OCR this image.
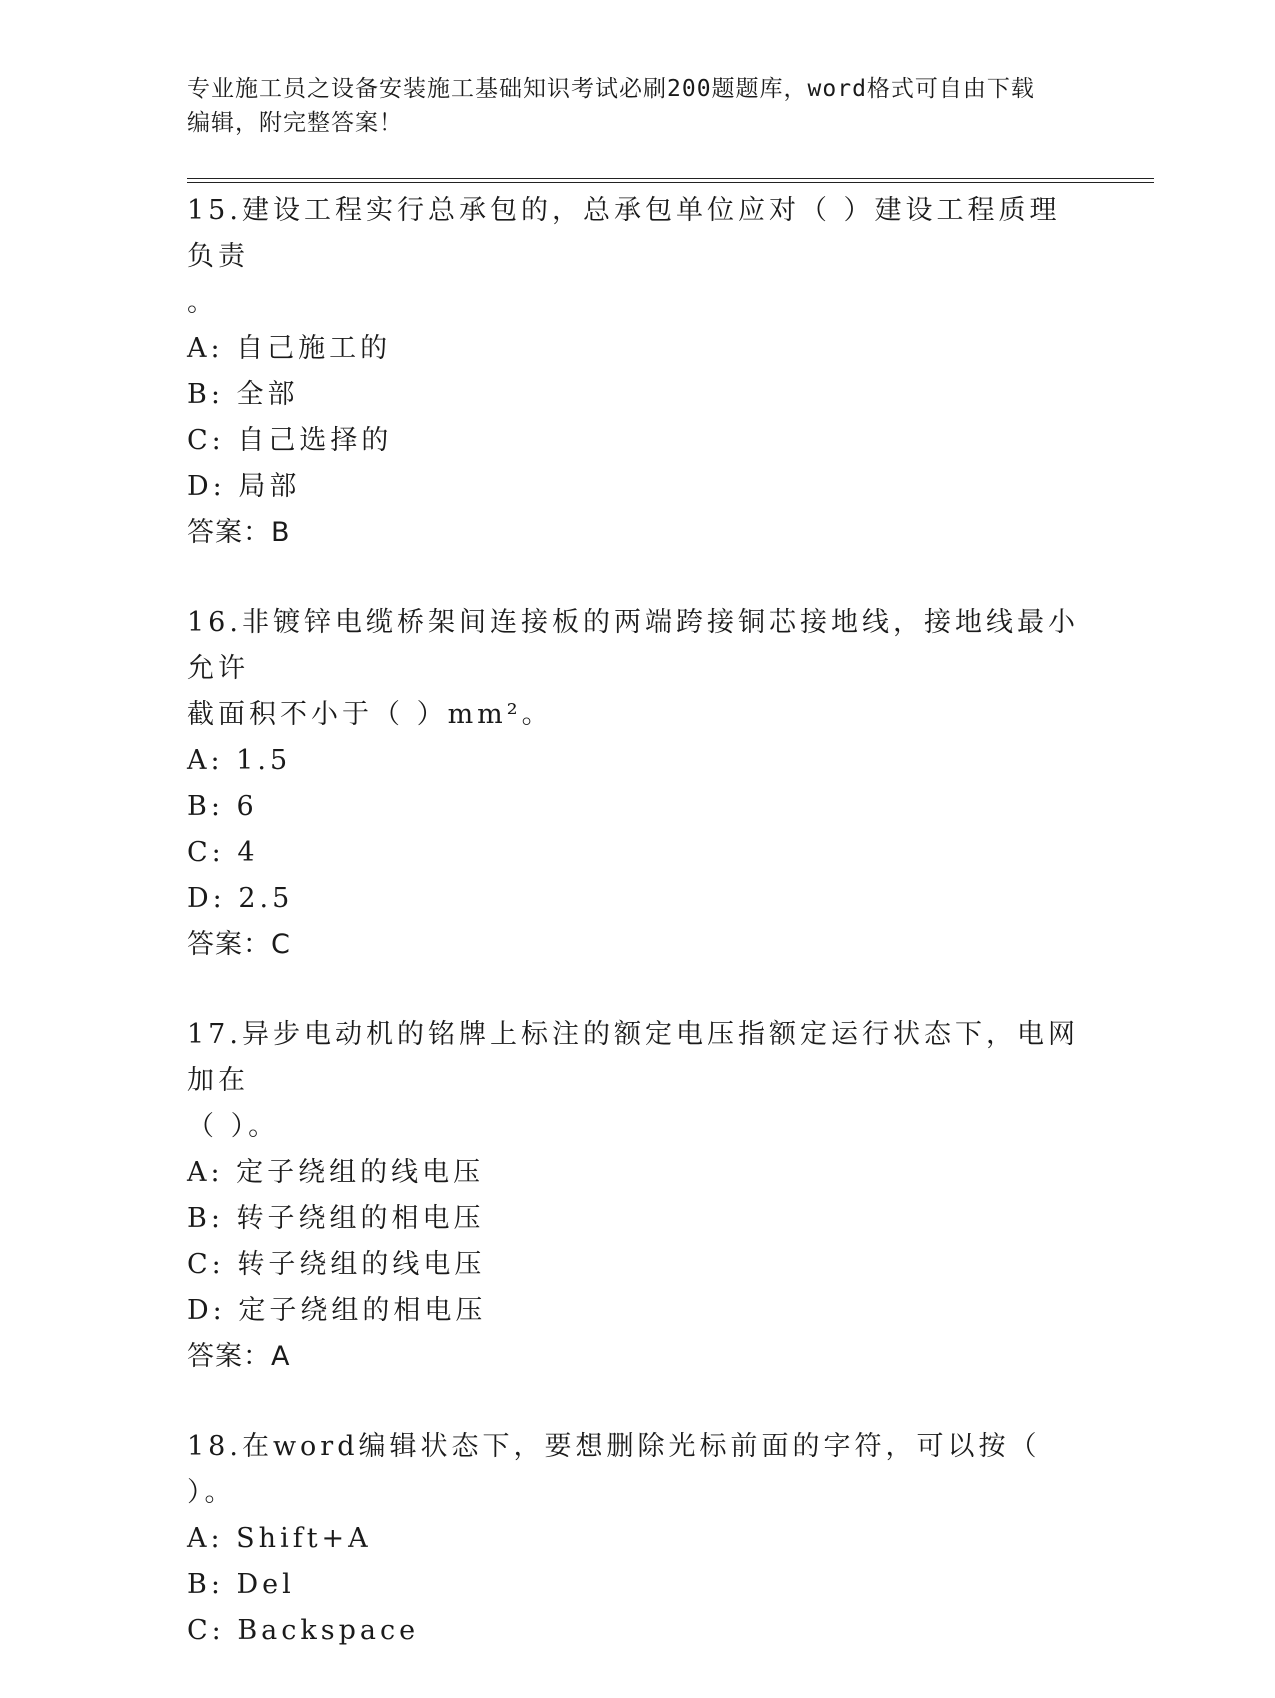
专业施工员之设备安装施工基础知识考试必刷200题题库，word格式可自由下载
编辑，附完整答案！

15.建设工程实行总承包的，总承包单位应对（ ）建设工程质理负责

。

A: 自己施工的

B: 全部

C: 自己选择的

D: 局部

答案：B

16.非镀锌电缆桥架间连接板的两端跨接铜芯接地线，接地线最小允许

截面积不小于（ ）mm²。

A: 1.5

B: 6

C: 4

D: 2.5

答案：C

17.异步电动机的铭牌上标注的额定电压指额定运行状态下，电网加在

（ ）。

A: 定子绕组的线电压

B: 转子绕组的相电压

C: 转子绕组的线电压

D: 定子绕组的相电压

答案：A

18.在word编辑状态下，要想删除光标前面的字符，可以按（ ）。

A: Shift+A

B: Del

C: Backspace
